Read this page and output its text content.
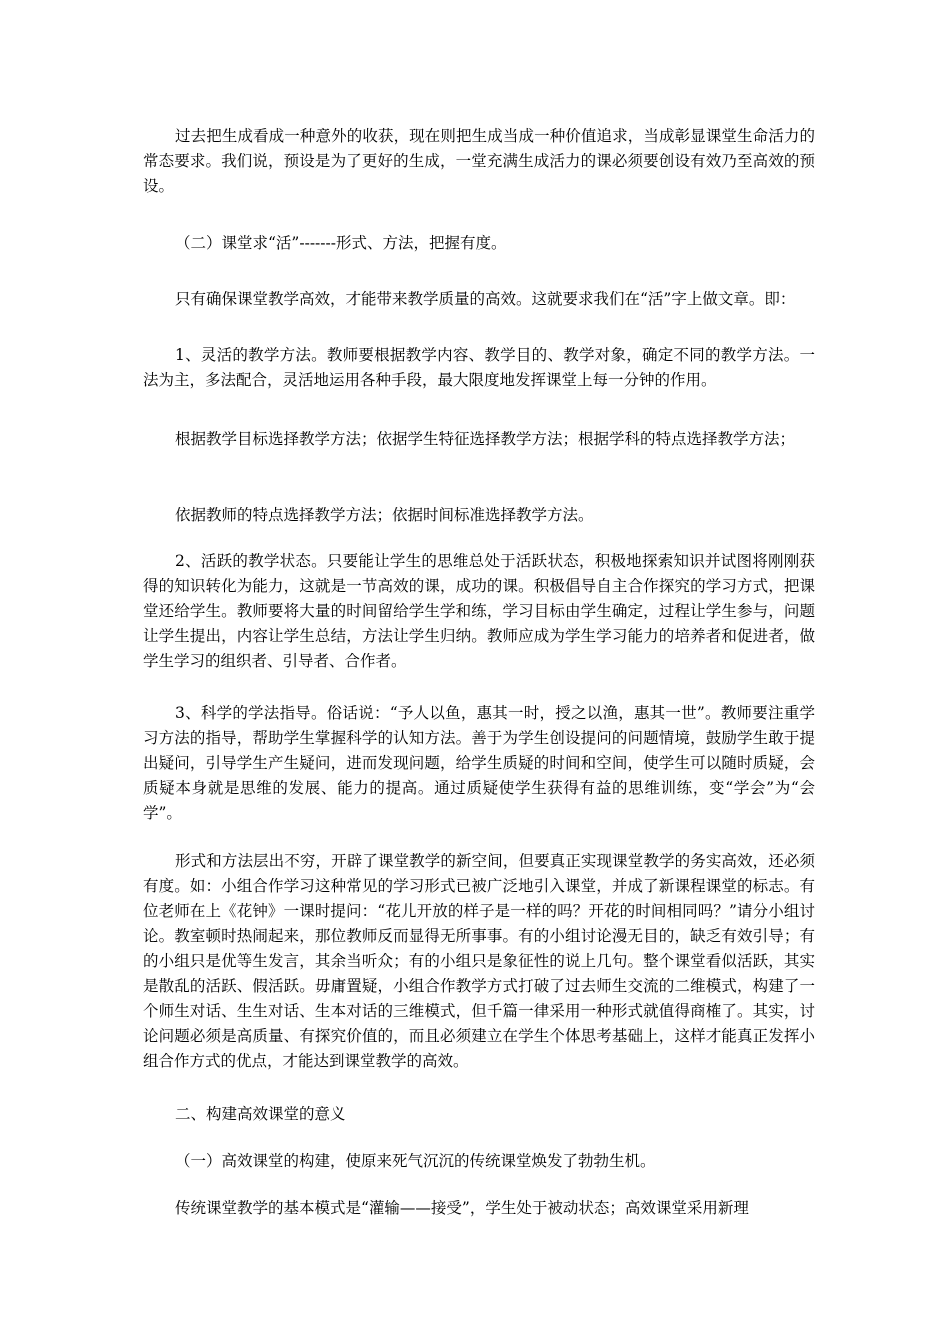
过去把生成看成一种意外的收获，现在则把生成当成一种价值追求，当成彰显课堂生命活力的常态要求。我们说，预设是为了更好的生成，一堂充满生成活力的课必须要创设有效乃至高效的预设。

（二）课堂求“活”-------形式、方法，把握有度。

只有确保课堂教学高效，才能带来教学质量的高效。这就要求我们在“活”字上做文章。即：

1、灵活的教学方法。教师要根据教学内容、教学目的、教学对象，确定不同的教学方法。一法为主，多法配合，灵活地运用各种手段，最大限度地发挥课堂上每一分钟的作用。

根据教学目标选择教学方法；依据学生特征选择教学方法；根据学科的特点选择教学方法；

依据教师的特点选择教学方法；依据时间标准选择教学方法。

2、活跃的教学状态。只要能让学生的思维总处于活跃状态，积极地探索知识并试图将刚刚获得的知识转化为能力，这就是一节高效的课，成功的课。积极倡导自主合作探究的学习方式，把课堂还给学生。教师要将大量的时间留给学生学和练，学习目标由学生确定，过程让学生参与，问题让学生提出，内容让学生总结，方法让学生归纳。教师应成为学生学习能力的培养者和促进者，做学生学习的组织者、引导者、合作者。

3、科学的学法指导。俗话说：“予人以鱼，惠其一时，授之以渔，惠其一世”。教师要注重学习方法的指导，帮助学生掌握科学的认知方法。善于为学生创设提问的问题情境，鼓励学生敢于提出疑问，引导学生产生疑问，进而发现问题，给学生质疑的时间和空间，使学生可以随时质疑，会质疑本身就是思维的发展、能力的提高。通过质疑使学生获得有益的思维训练，变“学会”为“会学”。

形式和方法层出不穷，开辟了课堂教学的新空间，但要真正实现课堂教学的务实高效，还必须有度。如：小组合作学习这种常见的学习形式已被广泛地引入课堂，并成了新课程课堂的标志。有位老师在上《花钟》一课时提问：“花儿开放的样子是一样的吗？开花的时间相同吗？”请分小组讨论。教室顿时热闹起来，那位教师反而显得无所事事。有的小组讨论漫无目的，缺乏有效引导；有的小组只是优等生发言，其余当听众；有的小组只是象征性的说上几句。整个课堂看似活跃，其实是散乱的活跃、假活跃。毋庸置疑，小组合作教学方式打破了过去师生交流的二维模式，构建了一个师生对话、生生对话、生本对话的三维模式，但千篇一律采用一种形式就值得商榷了。其实，讨论问题必须是高质量、有探究价值的，而且必须建立在学生个体思考基础上，这样才能真正发挥小组合作方式的优点，才能达到课堂教学的高效。

二、构建高效课堂的意义

（一）高效课堂的构建，使原来死气沉沉的传统课堂焕发了勃勃生机。

传统课堂教学的基本模式是“灌输——接受”，学生处于被动状态；高效课堂采用新理
